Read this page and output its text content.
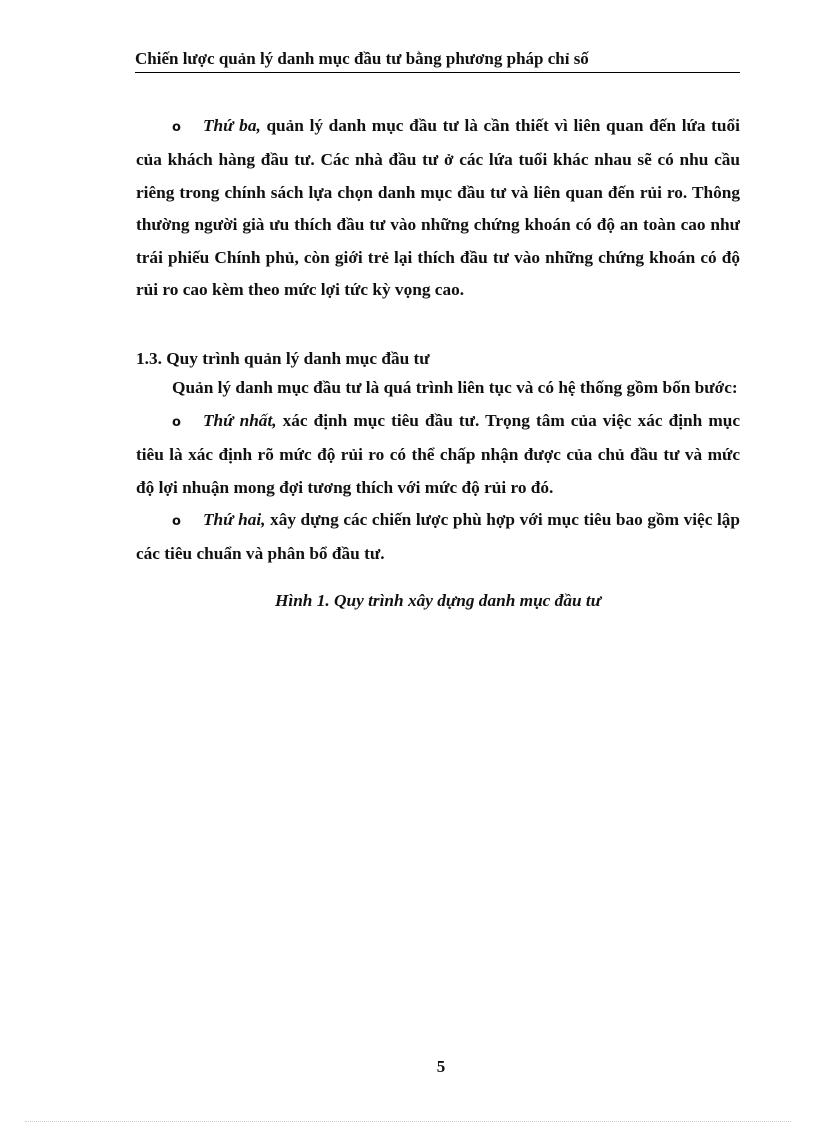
Chiến lược quản lý danh mục đầu tư bằng phương pháp chỉ số

o Thứ ba, quản lý danh mục đầu tư là cần thiết vì liên quan đến lứa tuổi của khách hàng đầu tư. Các nhà đầu tư ở các lứa tuổi khác nhau sẽ có nhu cầu riêng trong chính sách lựa chọn danh mục đầu tư và liên quan đến rủi ro. Thông thường người già ưu thích đầu tư vào những chứng khoán có độ an toàn cao như trái phiếu Chính phủ, còn giới trẻ lại thích đầu tư vào những chứng khoán có độ rủi ro cao kèm theo mức lợi tức kỳ vọng cao.

1.3. Quy trình quản lý danh mục đầu tư

Quản lý danh mục đầu tư là quá trình liên tục và có hệ thống gồm bốn bước:

o Thứ nhất, xác định mục tiêu đầu tư. Trọng tâm của việc xác định mục tiêu là xác định rõ mức độ rủi ro có thể chấp nhận được của chủ đầu tư và mức độ lợi nhuận mong đợi tương thích với mức độ rủi ro đó.

o Thứ hai, xây dựng các chiến lược phù hợp với mục tiêu bao gồm việc lập các tiêu chuẩn và phân bổ đầu tư.

Hình 1. Quy trình xây dựng danh mục đầu tư
5
